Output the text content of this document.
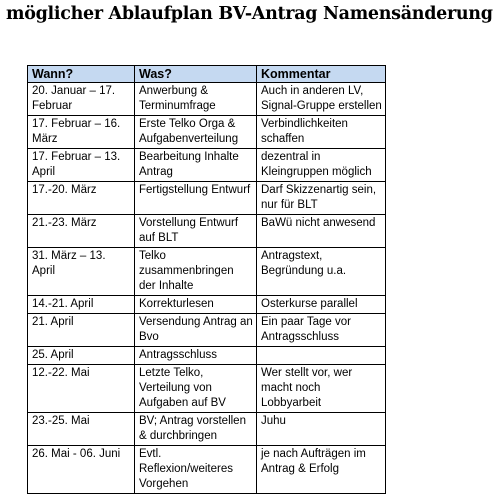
möglicher Ablaufplan BV-Antrag Namensänderung
Wann?	Was?	Kommentar
20. Januar – 17. Februar	Anwerbung & Terminumfrage	Auch in anderen LV, Signal-Gruppe erstellen
17. Februar – 16. März	Erste Telko Orga & Aufgabenverteilung	Verbindlichkeiten schaffen
17. Februar – 13. April	Bearbeitung Inhalte Antrag	dezentral in Kleingruppen möglich
17.-20. März	Fertigstellung Entwurf	Darf Skizzenartig sein, nur für BLT
21.-23. März	Vorstellung Entwurf auf BLT	BaWü nicht anwesend
31. März – 13. April	Telko zusammenbringen der Inhalte	Antragstext, Begründung u.a.
14.-21. April	Korrekturlesen	Osterkurse parallel
21. April	Versendung Antrag an Bvo	Ein paar Tage vor Antragsschluss
25. April	Antragsschluss	
12.-22. Mai	Letzte Telko, Verteilung von Aufgaben auf BV	Wer stellt vor, wer macht noch Lobbyarbeit
23.-25. Mai	BV; Antrag vorstellen & durchbringen	Juhu
26. Mai - 06. Juni	Evtl. Reflexion/weiteres Vorgehen	je nach Aufträgen im Antrag & Erfolg
